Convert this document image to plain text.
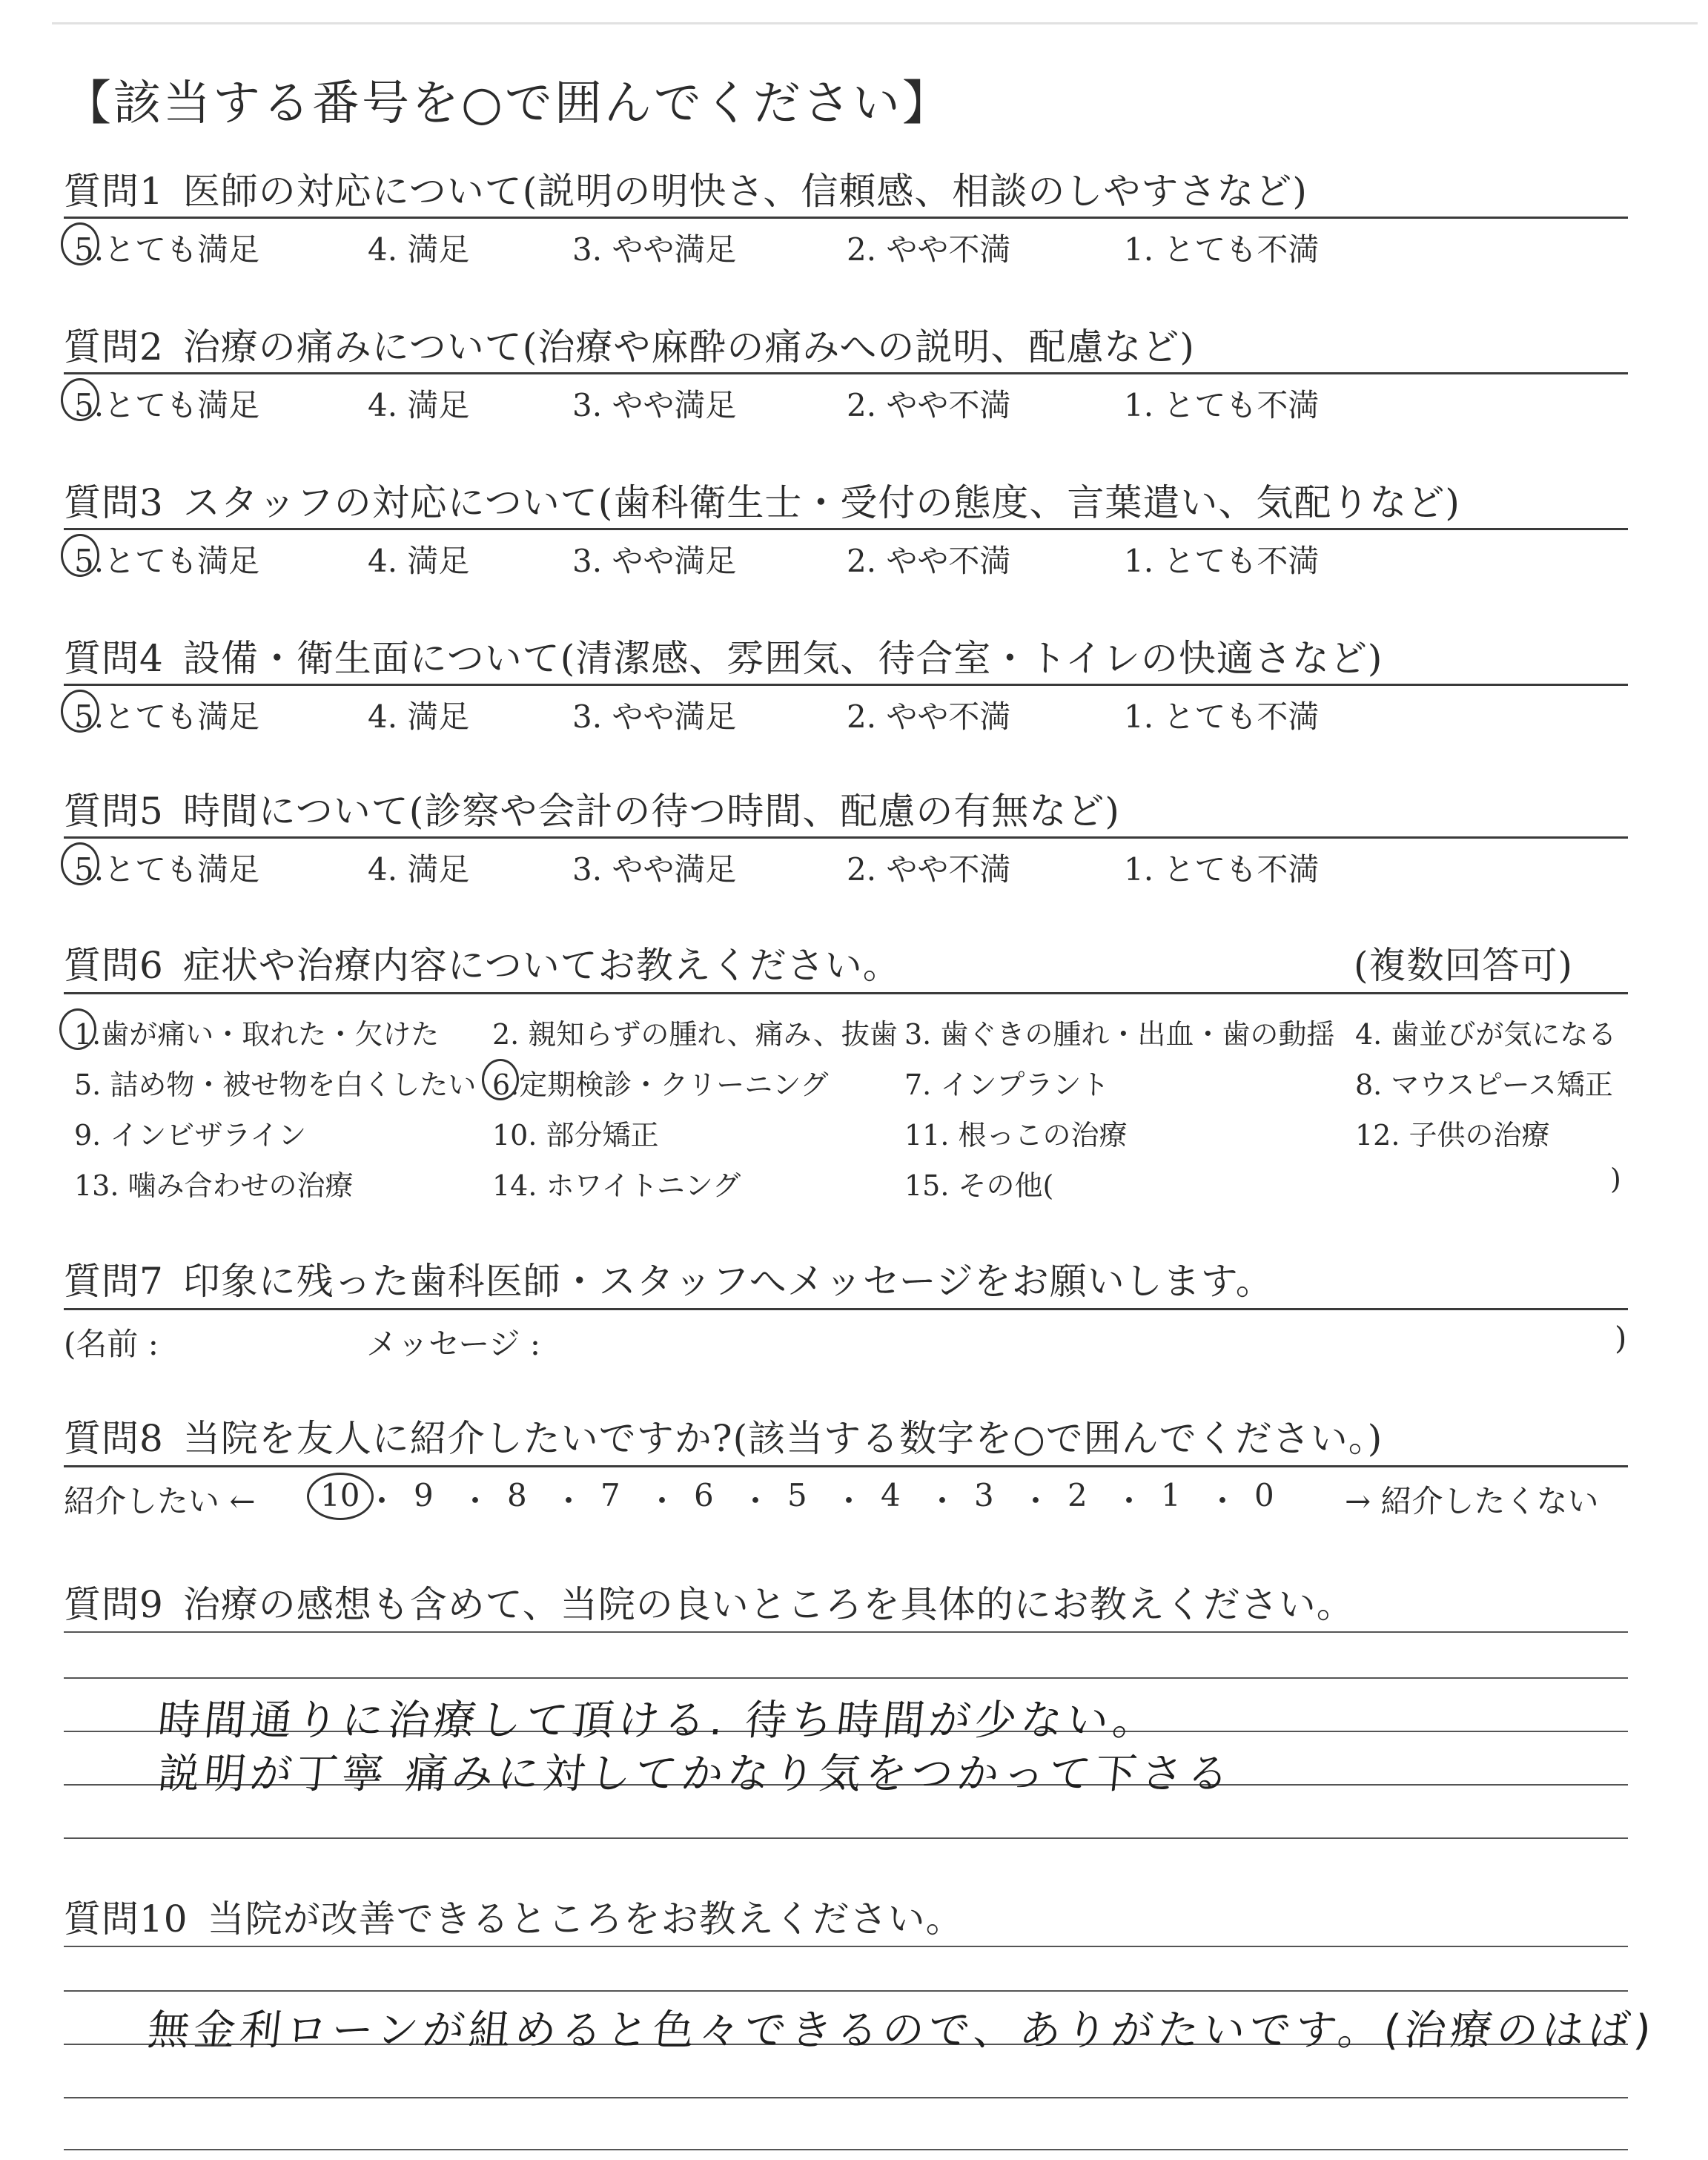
【該当する番号を○で囲んでください】
質問1 医師の対応について(説明の明快さ、信頼感、相談のしやすさなど)
5.とても満足	4. 満足	3. やや満足	2. やや不満	1. とても不満
質問2 治療の痛みについて(治療や麻酔の痛みへの説明、配慮など)
5.とても満足	4. 満足	3. やや満足	2. やや不満	1. とても不満
質問3 スタッフの対応について(歯科衛生士・受付の態度、言葉遣い、気配りなど)
5.とても満足	4. 満足	3. やや満足	2. やや不満	1. とても不満
質問4 設備・衛生面について(清潔感、雰囲気、待合室・トイレの快適さなど)
5.とても満足	4. 満足	3. やや満足	2. やや不満	1. とても不満
質問5 時間について(診察や会計の待つ時間、配慮の有無など)
5.とても満足	4. 満足	3. やや満足	2. やや不満	1. とても不満
質問6 症状や治療内容についてお教えください。	(複数回答可)
1.歯が痛い・取れた・欠けた 2. 親知らずの腫れ、痛み、抜歯 3. 歯ぐきの腫れ・出血・歯の動揺 4. 歯並びが気になる
5. 詰め物・被せ物を白くしたい 6.定期検診・クリーニング	7. インプラント	8. マウスピース矯正
9. インビザライン	10. 部分矯正	11. 根っこの治療	12. 子供の治療
13. 噛み合わせの治療	14. ホワイトニング	15. その他(	)
質問7 印象に残った歯科医師・スタッフへメッセージをお願いします。
(名前 :	メッセージ :	)
質問8 当院を友人に紹介したいですか?(該当する数字を○で囲んでください。)
紹介したい ← 10 ・ 9 ・ 8 ・ 7 ・ 6 ・ 5 ・ 4 ・ 3 ・ 2 ・ 1 ・ 0 → 紹介したくない
質問9 治療の感想も含めて、当院の良いところを具体的にお教えください。
時間通りに治療して頂ける. 待ち時間が少ない。
説明が丁寧 痛みに対してかなり気をつかって下さる
質問10 当院が改善できるところをお教えください。
無金利ローンが組めると色々できるので、ありがたいです。(治療のはば)
